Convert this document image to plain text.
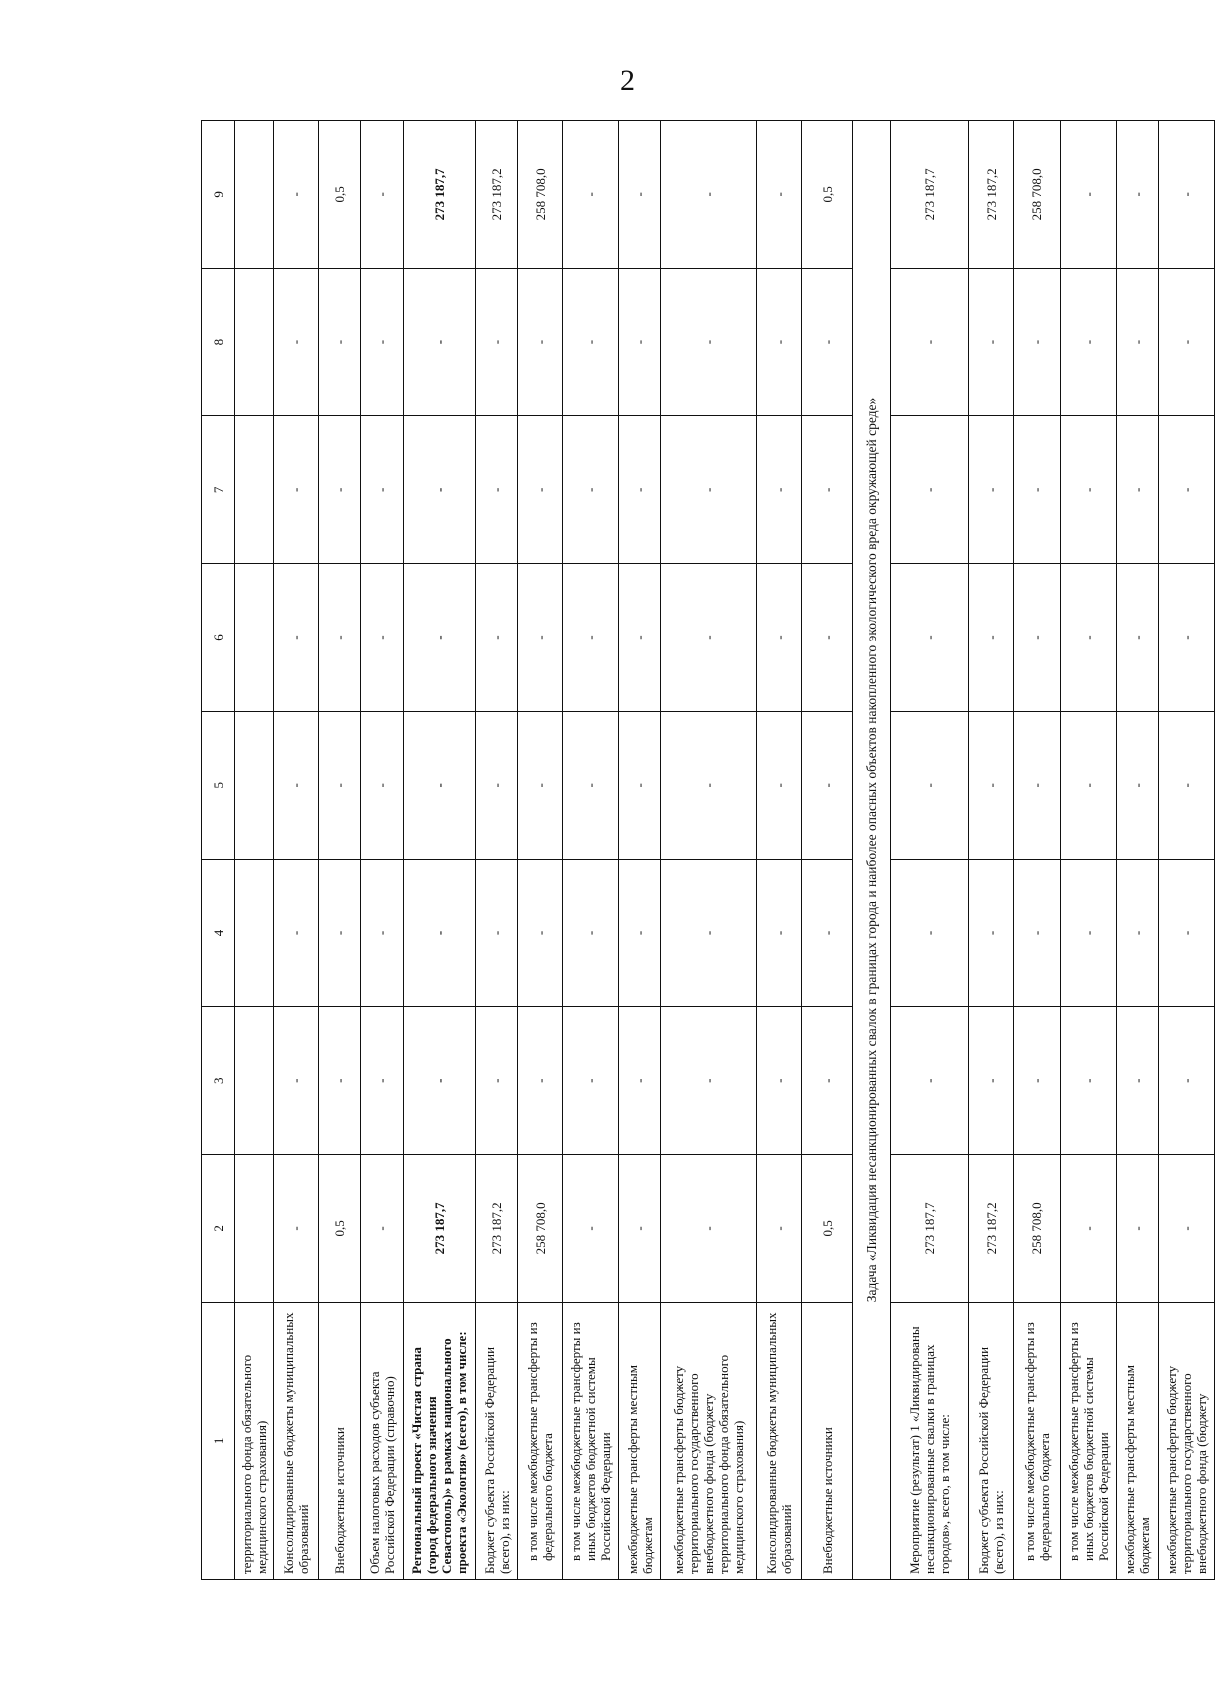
2
1	2	3	4	5	6	7	8	9
территориального фонда обязательного медицинского страхования)								
Консолидированные бюджеты муниципальных образований	-	-	-	-	-	-	-	-
Внебюджетные источники	0,5	-	-	-	-	-	-	0,5
Объем налоговых расходов субъекта Российской Федерации (справочно)	-	-	-	-	-	-	-	-
Региональный проект «Чистая страна (город федерального значения Севастополь)» в рамках национального проекта «Экология» (всего), в том числе:	273 187,7	-	-	-	-	-	-	273 187,7
Бюджет субъекта Российской Федерации (всего), из них:	273 187,2	-	-	-	-	-	-	273 187,2
в том числе межбюджетные трансферты из федерального бюджета	258 708,0	-	-	-	-	-	-	258 708,0
в том числе межбюджетные трансферты из иных бюджетов бюджетной системы Российской Федерации	-	-	-	-	-	-	-	-
межбюджетные трансферты местным бюджетам	-	-	-	-	-	-	-	-
межбюджетные трансферты бюджету территориального государственного внебюджетного фонда (бюджету территориального фонда обязательного медицинского страхования)	-	-	-	-	-	-	-	-
Консолидированные бюджеты муниципальных образований	-	-	-	-	-	-	-	-
Внебюджетные источники	0,5	-	-	-	-	-	-	0,5
Задача «Ликвидация несанкционированных свалок в границах города и наиболее опасных объектов накопленного экологического вреда окружающей среде»								
Мероприятие (результат) 1 «Ликвидированы несанкционированные свалки в границах городов», всего, в том числе:	273 187,7	-	-	-	-	-	-	273 187,7
Бюджет субъекта Российской Федерации (всего), из них:	273 187,2	-	-	-	-	-	-	273 187,2
в том числе межбюджетные трансферты из федерального бюджета	258 708,0	-	-	-	-	-	-	258 708,0
в том числе межбюджетные трансферты из иных бюджетов бюджетной системы Российской Федерации	-	-	-	-	-	-	-	-
межбюджетные трансферты местным бюджетам	-	-	-	-	-	-	-	-
межбюджетные трансферты бюджету территориального государственного внебюджетного фонда (бюджету	-	-	-	-	-	-	-	-
